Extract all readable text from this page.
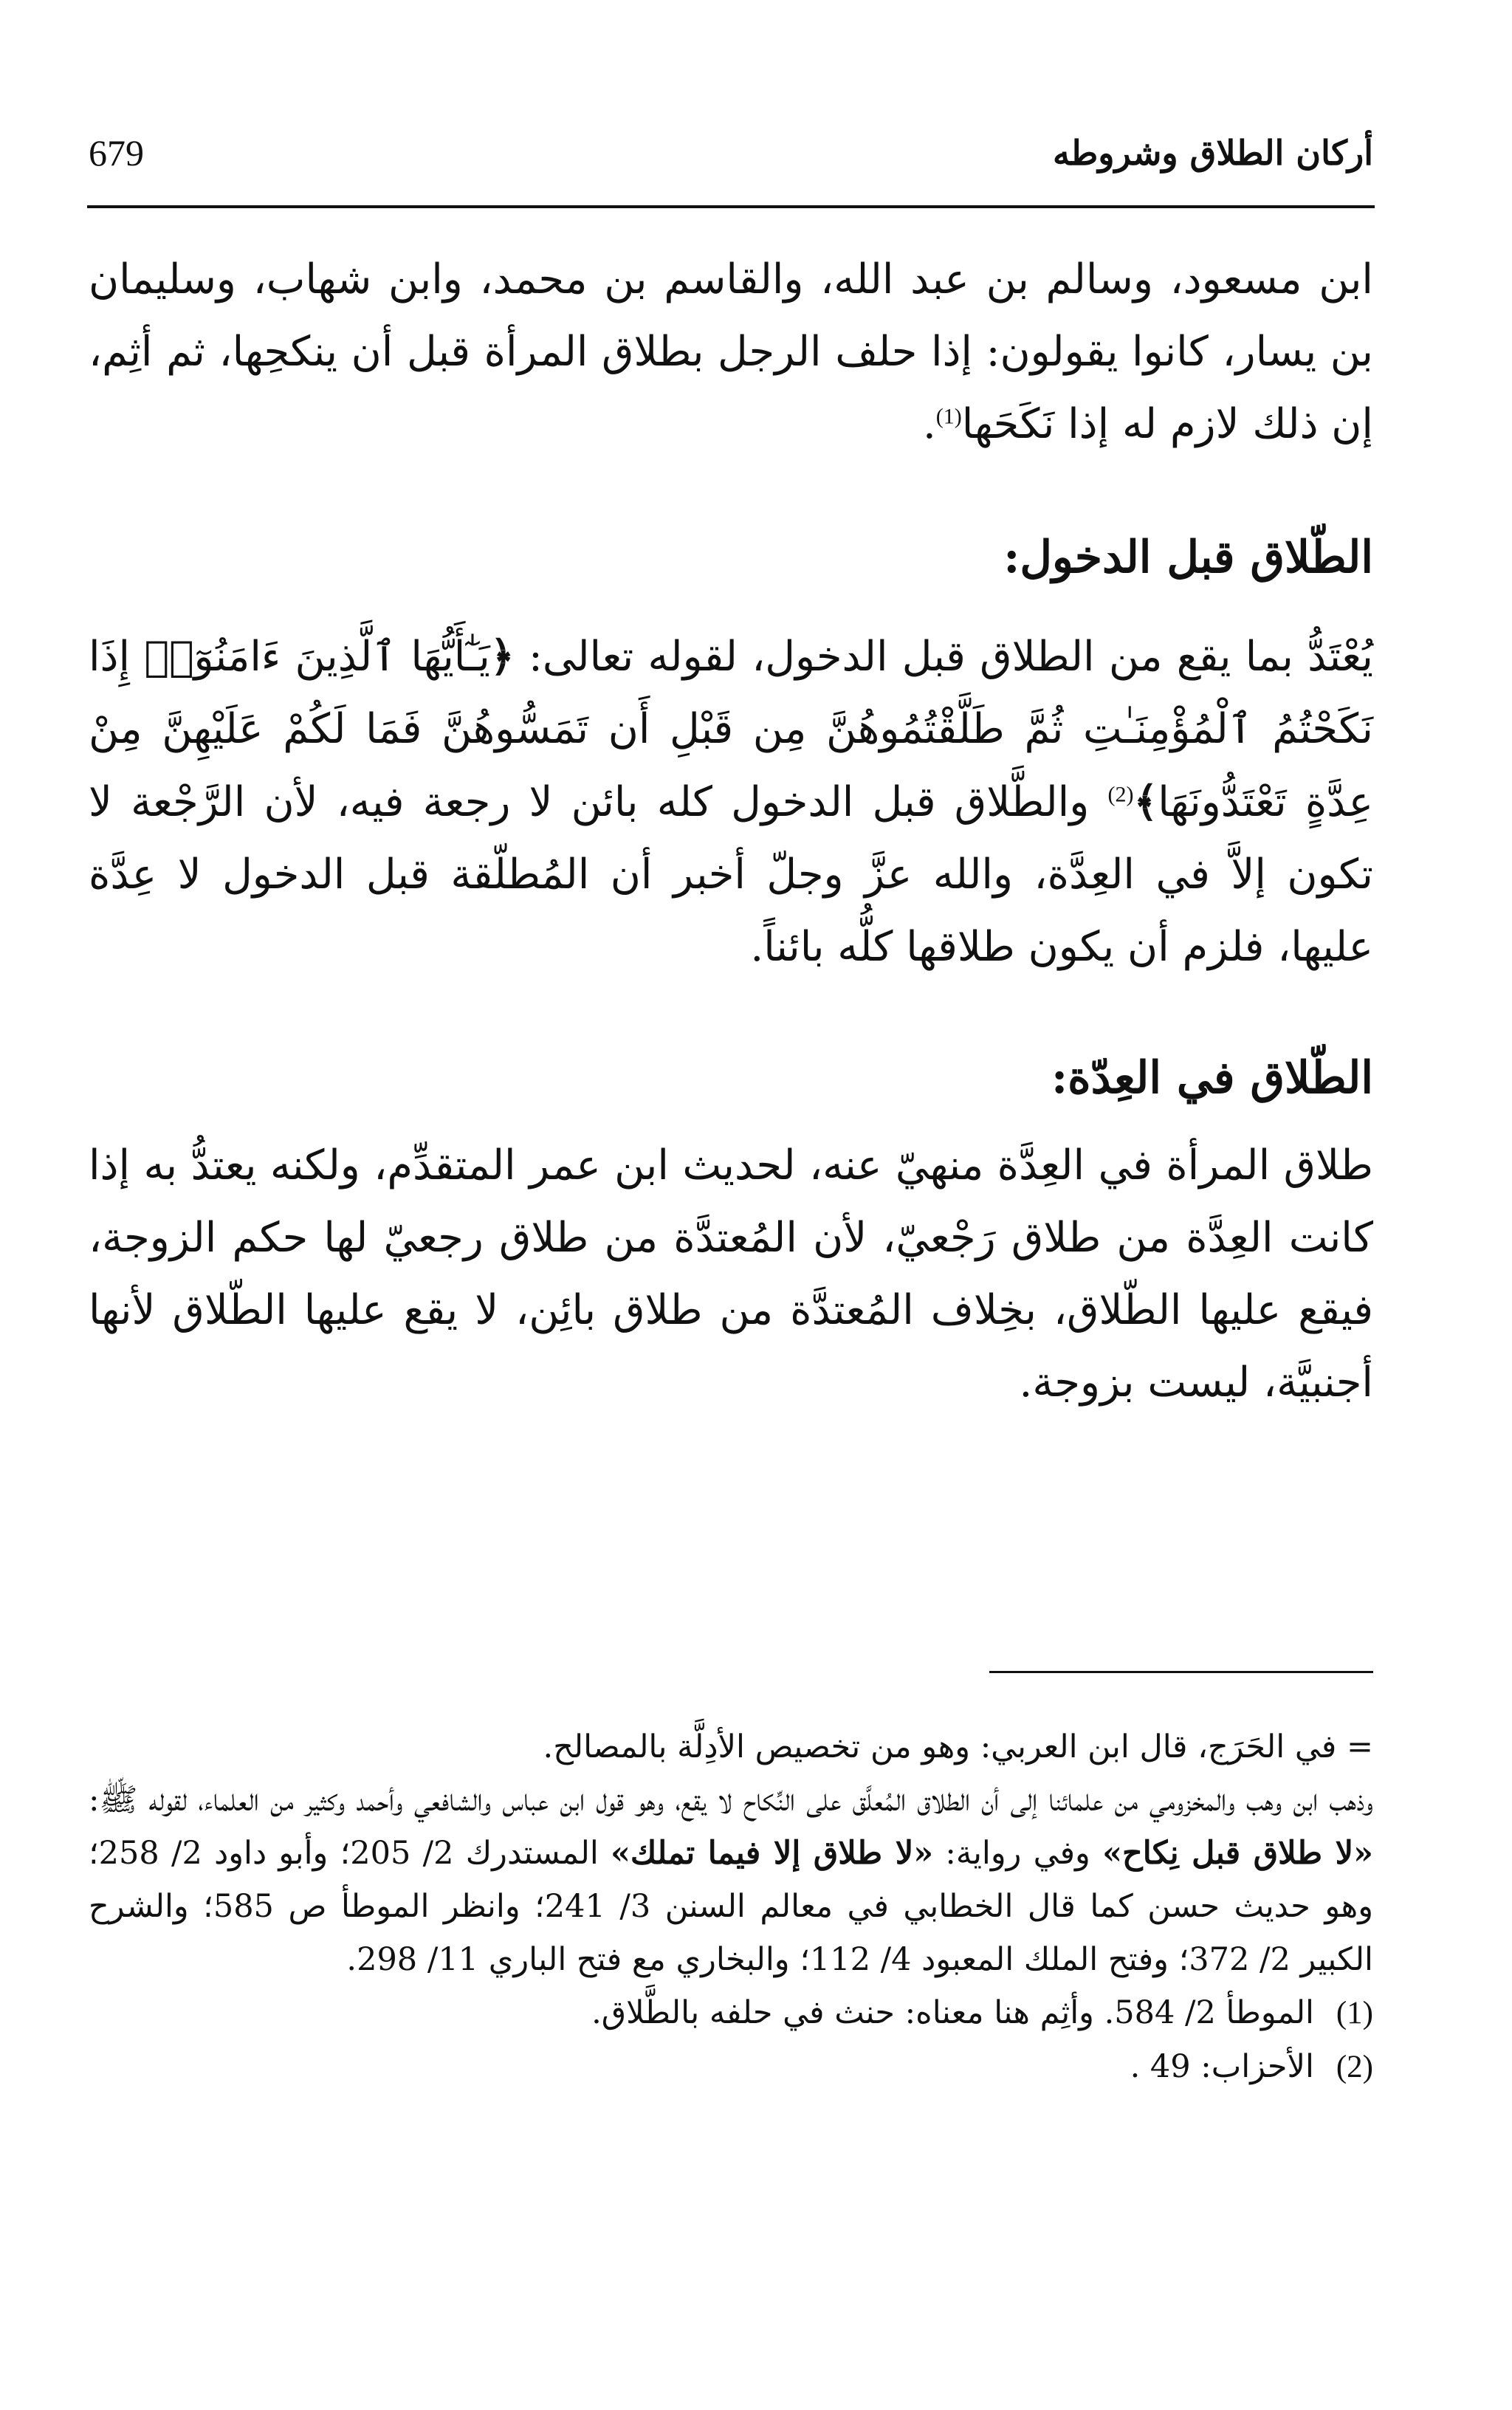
أركان الطلاق وشروطه
679

ابن مسعود، وسالم بن عبد الله، والقاسم بن محمد، وابن شهاب، وسليمان بن يسار، كانوا يقولون: إذا حلف الرجل بطلاق المرأة قبل أن ينكحِها، ثم أثِم، إن ذلك لازم له إذا نَكَحَها$^{(1)}$.

الطّلاق قبل الدخول:

يُعْتَدُّ بما يقع من الطلاق قبل الدخول، لقوله تعالى: ﴿يَـٰٓأَيُّهَا ٱلَّذِينَ ءَامَنُوٓا۟ إِذَا نَكَحْتُمُ ٱلْمُؤْمِنَـٰتِ ثُمَّ طَلَّقْتُمُوهُنَّ مِن قَبْلِ أَن تَمَسُّوهُنَّ فَمَا لَكُمْ عَلَيْهِنَّ مِنْ عِدَّةٍ تَعْتَدُّونَهَا﴾$^{(2)}$ والطَّلاق قبل الدخول كله بائن لا رجعة فيه، لأن الرَّجْعة لا تكون إلاَّ في العِدَّة، والله عزَّ وجلّ أخبر أن المُطلّقة قبل الدخول لا عِدَّة عليها، فلزم أن يكون طلاقها كلُّه بائناً.

الطّلاق في العِدّة:

طلاق المرأة في العِدَّة منهيّ عنه، لحديث ابن عمر المتقدِّم، ولكنه يعتدُّ به إذا كانت العِدَّة من طلاق رَجْعيّ، لأن المُعتدَّة من طلاق رجعيّ لها حكم الزوجة، فيقع عليها الطّلاق، بخِلاف المُعتدَّة من طلاق بائِن، لا يقع عليها الطّلاق لأنها أجنبيَّة، ليست بزوجة.

= في الحَرَج، قال ابن العربي: وهو من تخصيص الأدِلَّة بالمصالح.

وذهب ابن وهب والمخزومي من علمائنا إلى أن الطلاق المُعلَّق على النِّكاح لا يقع، وهو قول ابن عباس والشافعي وأحمد وكثير من العلماء، لقوله ﷺ: «لا طلاق قبل نِكاح» وفي رواية: «لا طلاق إلا فيما تملك» المستدرك 2/ 205؛ وأبو داود 2/ 258؛ وهو حديث حسن كما قال الخطابي في معالم السنن 3/ 241؛ وانظر الموطأ ص 585؛ والشرح الكبير 2/ 372؛ وفتح الملك المعبود 4/ 112؛ والبخاري مع فتح الباري 11/ 298.

(1)
الموطأ 2/ 584. وأثِم هنا معناه: حنث في حلفه بالطَّلاق.
(2)
الأحزاب: 49 .
